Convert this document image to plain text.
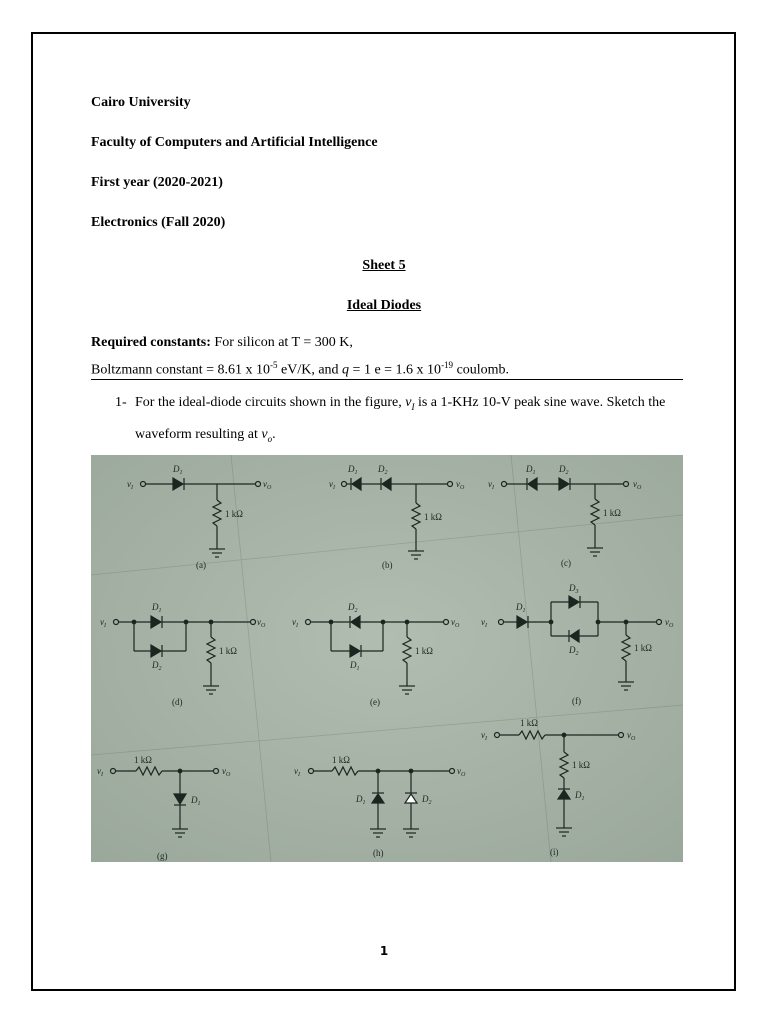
Cairo University
Faculty of Computers and Artificial Intelligence
First year (2020-2021)
Electronics (Fall 2020)
Sheet 5
Ideal Diodes
Required constants: For silicon at T = 300 K,
Boltzmann constant = 8.61 x $10^{-5}$ eV/K, and q = 1 e = 1.6 x $10^{-19}$ coulomb.
1- For the ideal-diode circuits shown in the figure, $v_I$ is a 1-KHz 10-V peak sine wave. Sketch the waveform resulting at $v_o$.
$v_I$	$v_O$
$D_1$
1 kΩ
(a)
$v_I$	$v_O$
$D_1$ $D_2$
1 kΩ
(b)
$v_I$	$v_O$
$D_1$	$D_2$
1 kΩ
(c)
$v_I$	$v_O$
$D_1$
$D_2$
1 kΩ
(d)
$v_I$	$v_O$
$D_2$
$D_1$
1 kΩ
(e)
$v_I$	$v_O$
$D_1$
$D_3$
$D_2$
1 kΩ
(f)
$v_I$	$v_O$
$D_1$
1 kΩ
1 kΩ
(i)
$v_I$	$v_O$
$D_1$
1 kΩ
(g)
$v_I$	$v_O$
$D_1$	$D_2$
1 kΩ
(h)
1
